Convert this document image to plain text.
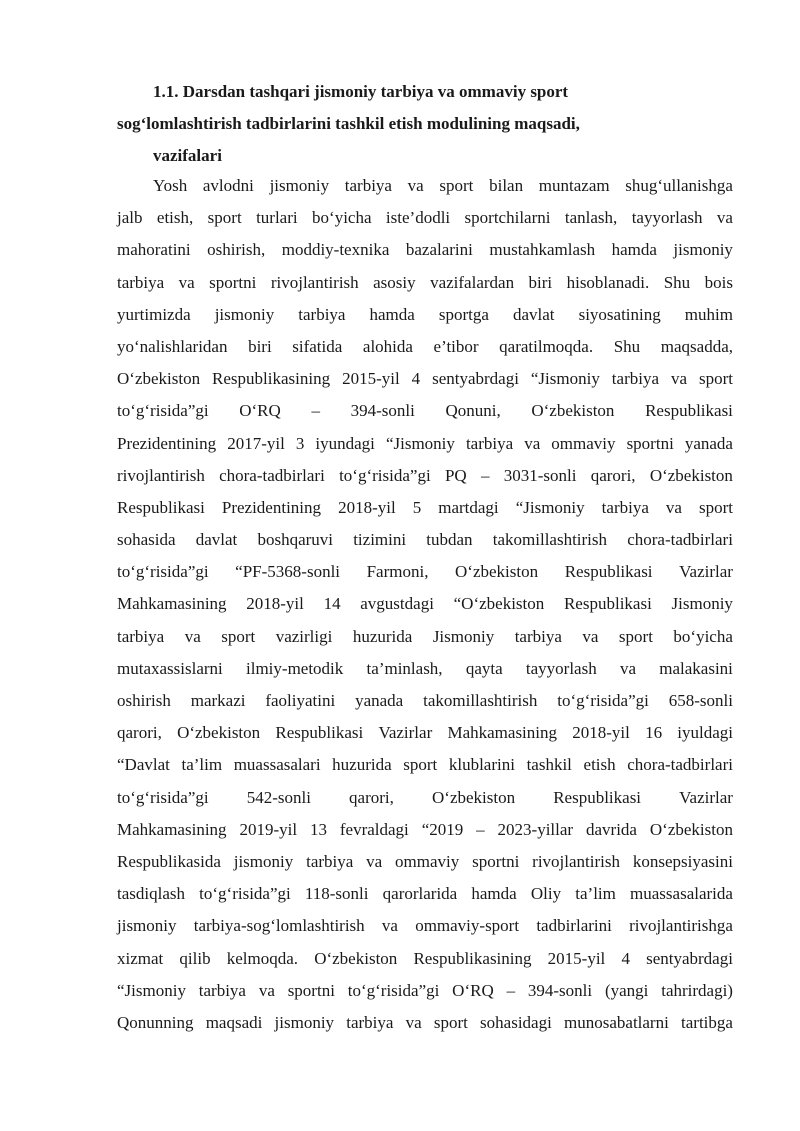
1.1. Darsdan tashqari jismoniy tarbiya va ommaviy sport
sog‘lomlashtirish tadbirlarini tashkil etish modulining maqsadi,
vazifalari
Yosh avlodni jismoniy tarbiya va sport bilan muntazam shug‘ullanishga
jalb etish, sport turlari bo‘yicha iste’dodli sportchilarni tanlash, tayyorlash va
mahoratini oshirish, moddiy-texnika bazalarini mustahkamlash hamda jismoniy
tarbiya va sportni rivojlantirish asosiy vazifalardan biri hisoblanadi. Shu bois
yurtimizda jismoniy tarbiya hamda sportga davlat siyosatining muhim
yo‘nalishlaridan biri sifatida alohida e’tibor qaratilmoqda. Shu maqsadda,
O‘zbekiston Respublikasining 2015-yil 4 sentyabrdagi “Jismoniy tarbiya va sport
to‘g‘risida”gi O‘RQ – 394-sonli Qonuni, O‘zbekiston Respublikasi
Prezidentining 2017-yil 3 iyundagi “Jismoniy tarbiya va ommaviy sportni yanada
rivojlantirish chora-tadbirlari to‘g‘risida”gi PQ – 3031-sonli qarori, O‘zbekiston
Respublikasi Prezidentining 2018-yil 5 martdagi “Jismoniy tarbiya va sport
sohasida davlat boshqaruvi tizimini tubdan takomillashtirish chora-tadbirlari
to‘g‘risida”gi “PF-5368-sonli Farmoni, O‘zbekiston Respublikasi Vazirlar
Mahkamasining 2018-yil 14 avgustdagi “O‘zbekiston Respublikasi Jismoniy
tarbiya va sport vazirligi huzurida Jismoniy tarbiya va sport bo‘yicha
mutaxassislarni ilmiy-metodik ta’minlash, qayta tayyorlash va malakasini
oshirish markazi faoliyatini yanada takomillashtirish to‘g‘risida”gi 658-sonli
qarori, O‘zbekiston Respublikasi Vazirlar Mahkamasining 2018-yil 16 iyuldagi
“Davlat ta’lim muassasalari huzurida sport klublarini tashkil etish chora-tadbirlari
to‘g‘risida”gi 542-sonli qarori, O‘zbekiston Respublikasi Vazirlar
Mahkamasining 2019-yil 13 fevraldagi “2019 – 2023-yillar davrida O‘zbekiston
Respublikasida jismoniy tarbiya va ommaviy sportni rivojlantirish konsepsiyasini
tasdiqlash to‘g‘risida”gi 118-sonli qarorlarida hamda Oliy ta’lim muassasalarida
jismoniy tarbiya-sog‘lomlashtirish va ommaviy-sport tadbirlarini rivojlantirishga
xizmat qilib kelmoqda. O‘zbekiston Respublikasining 2015-yil 4 sentyabrdagi
“Jismoniy tarbiya va sportni to‘g‘risida”gi O‘RQ – 394-sonli (yangi tahrirdagi)
Qonunning maqsadi jismoniy tarbiya va sport sohasidagi munosabatlarni tartibga
